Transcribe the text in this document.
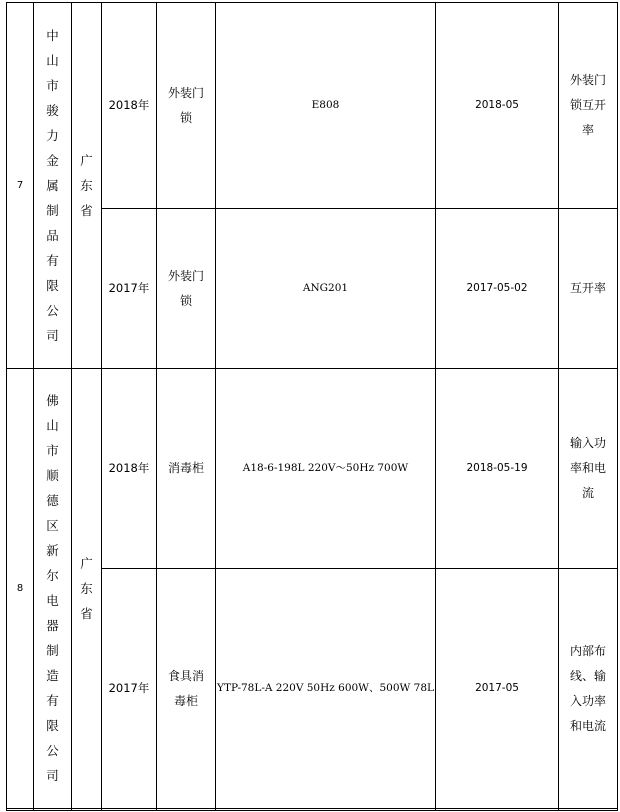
7	中山市骏力金属制品有限公司	广东省	2018年	外装门锁	E808	2018-05	外装门锁互开率
			2017年	外装门锁	ANG201	2017-05-02	互开率
8	佛山市顺德区新尔电器制造有限公司	广东省	2018年	消毒柜	A18-6-198L 220V～50Hz 700W	2018-05-19	输入功率和电流
			2017年	食具消毒柜	YTP-78L-A 220V 50Hz 600W、500W 78L	2017-05	内部布线、输入功率和电流
